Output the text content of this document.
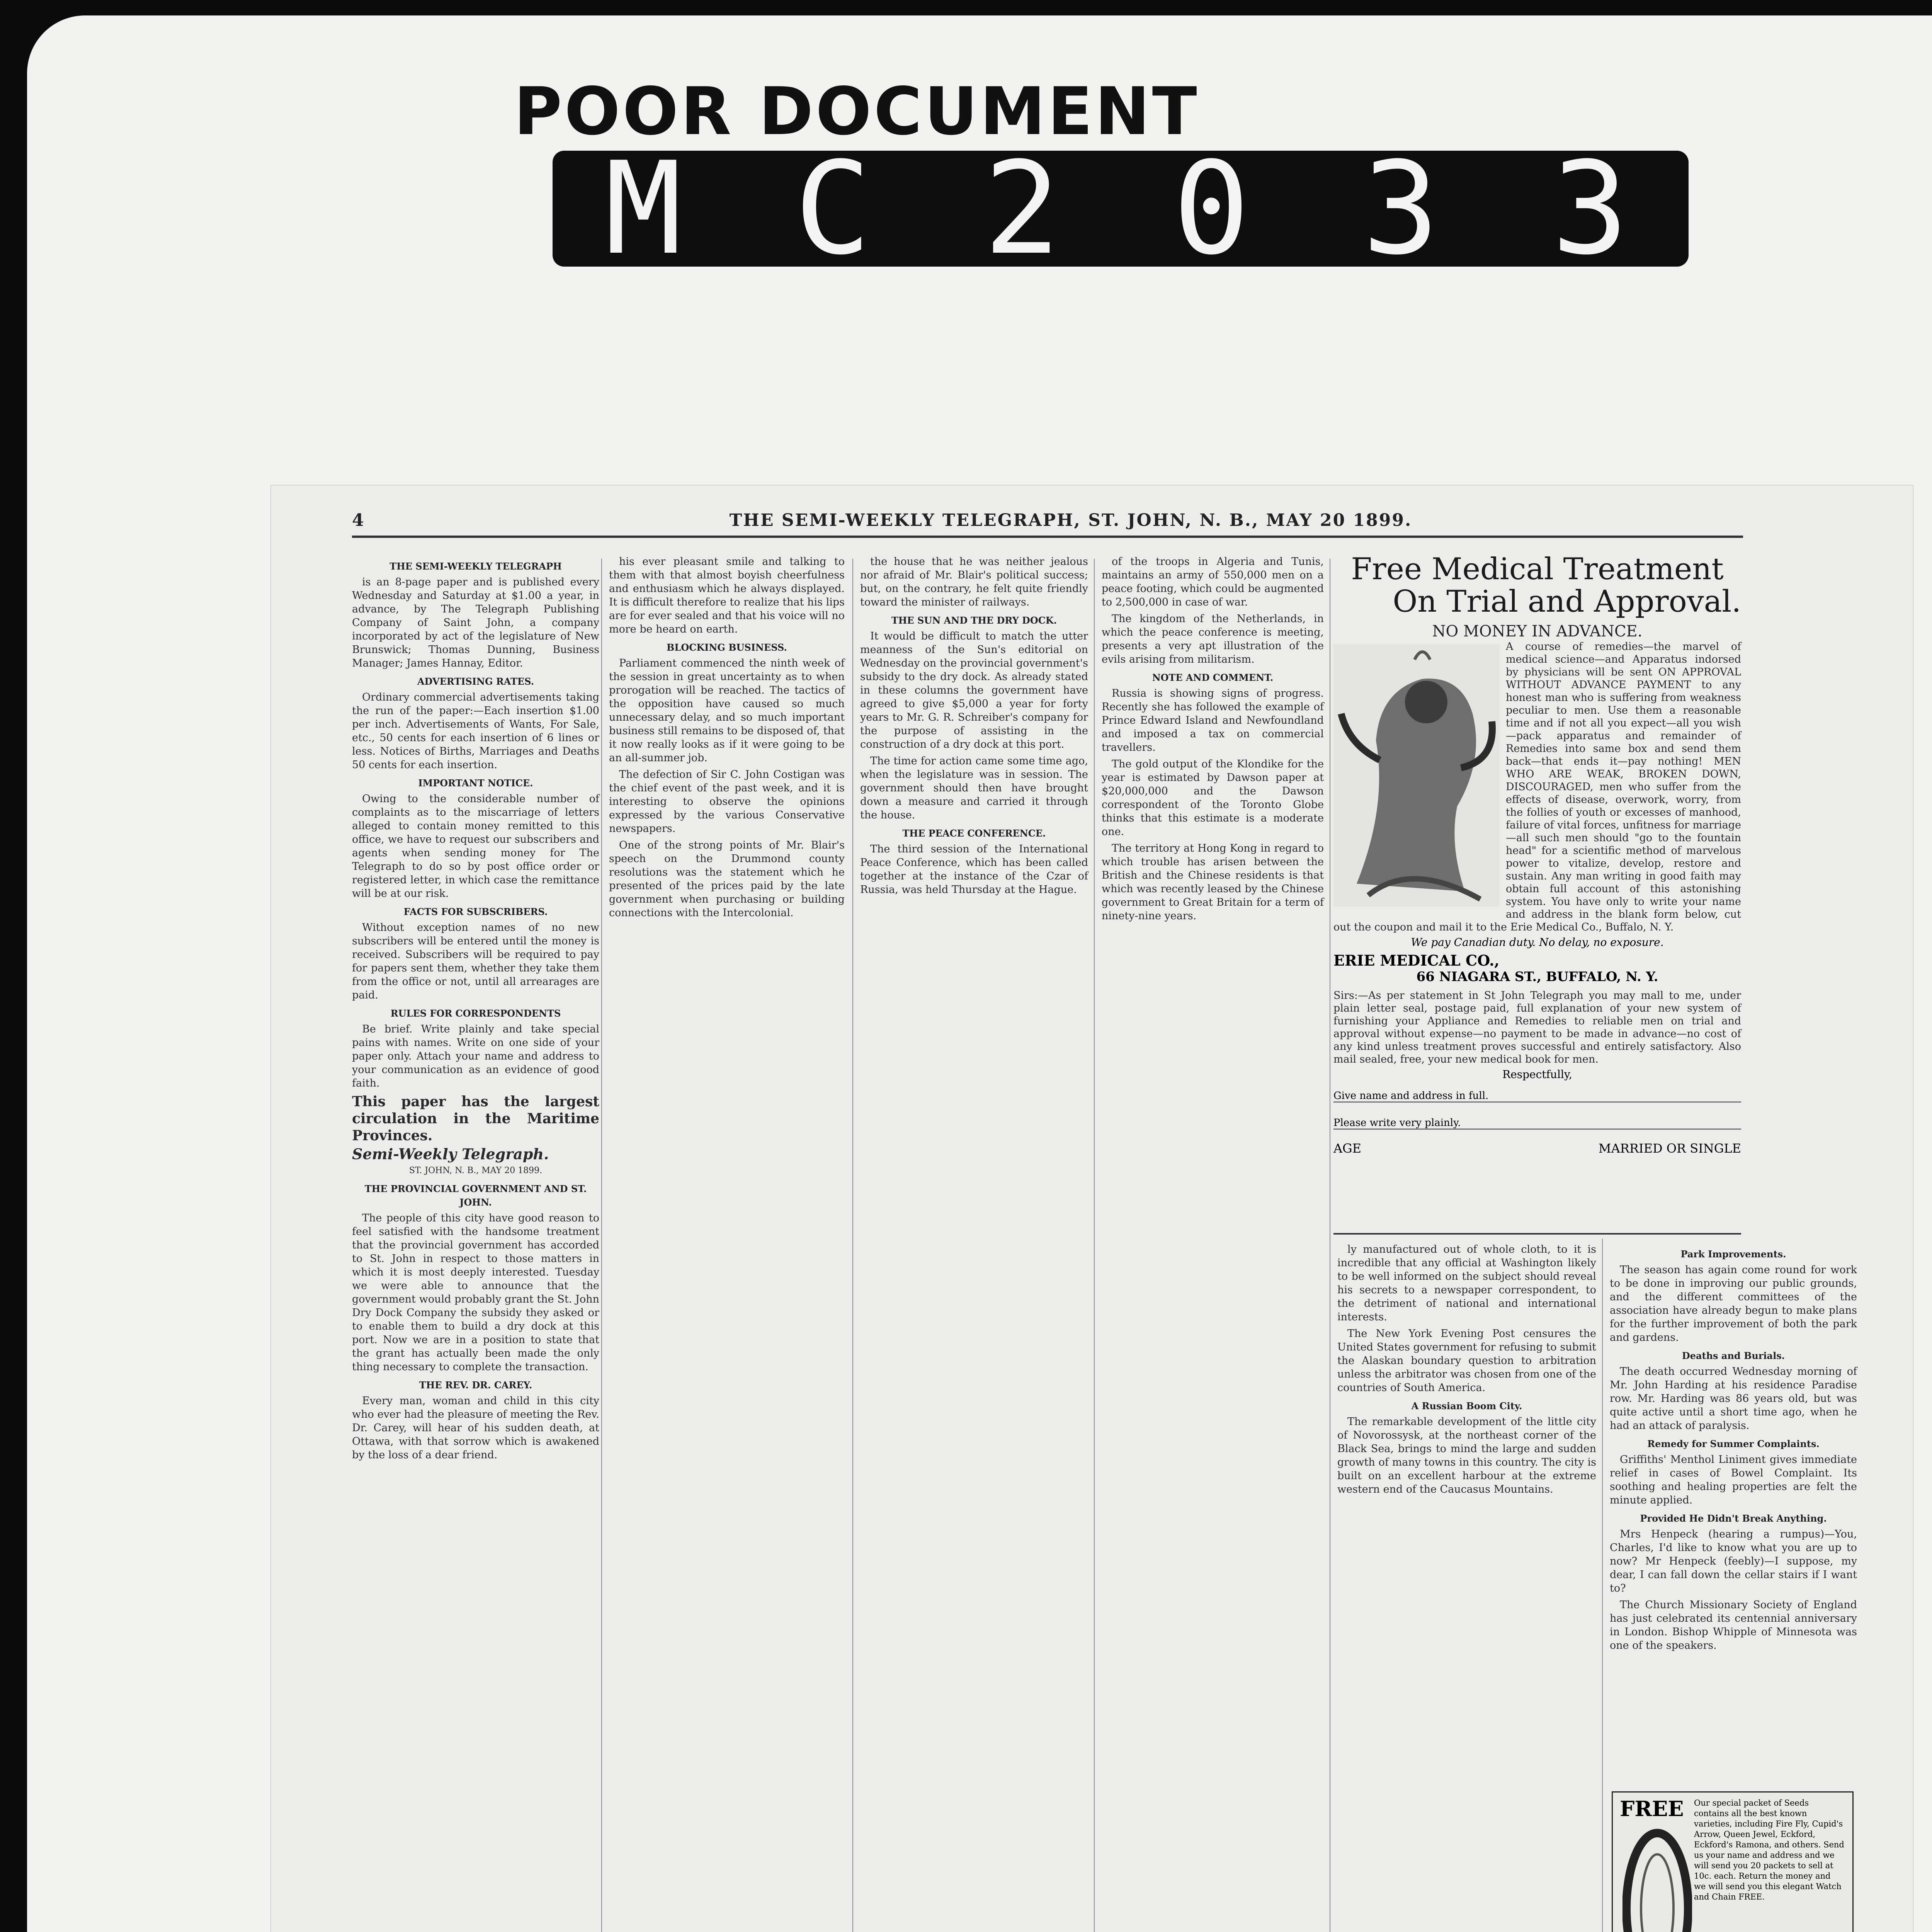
POOR DOCUMENT
M C 2 0 3 3
4	THE SEMI-WEEKLY TELEGRAPH, ST. JOHN, N. B., MAY 20 1899.
THE SEMI-WEEKLY TELEGRAPH

is an 8-page paper and is published every Wednesday and Saturday at $1.00 a year, in advance, by The Telegraph Publishing Company of Saint John, a company incorporated by act of the legislature of New Brunswick; Thomas Dunning, Business Manager; James Hannay, Editor.

ADVERTISING RATES.

Ordinary commercial advertisements taking the run of the paper:—Each insertion $1.00 per inch. Advertisements of Wants, For Sale, etc., 50 cents for each insertion of 6 lines or less. Notices of Births, Marriages and Deaths 50 cents for each insertion.

IMPORTANT NOTICE.

Owing to the considerable number of complaints as to the miscarriage of letters alleged to contain money remitted to this office, we have to request our subscribers and agents when sending money for The Telegraph to do so by post office order or registered letter, in which case the remittance will be at our risk.

FACTS FOR SUBSCRIBERS.

Without exception names of no new subscribers will be entered until the money is received. Subscribers will be required to pay for papers sent them, whether they take them from the office or not, until all arrearages are paid.

RULES FOR CORRESPONDENTS

Be brief. Write plainly and take special pains with names. Write on one side of your paper only. Attach your name and address to your communication as an evidence of good faith.

This paper has the largest circulation in the Maritime Provinces.

Semi-Weekly Telegraph.

ST. JOHN, N. B., MAY 20 1899.

THE PROVINCIAL GOVERNMENT AND ST. JOHN.

The people of this city have good reason to feel satisfied with the handsome treatment that the provincial government has accorded to St. John in respect to those matters in which it is most deeply interested. Tuesday we were able to announce that the government would probably grant the St. John Dry Dock Company the subsidy they asked or to enable them to build a dry dock at this port. Now we are in a position to state that the grant has actually been made the only thing necessary to complete the transaction.

THE REV. DR. CAREY.

Every man, woman and child in this city who ever had the pleasure of meeting the Rev. Dr. Carey, will hear of his sudden death, at Ottawa, with that sorrow which is awakened by the loss of a dear friend.

his ever pleasant smile and talking to them with that almost boyish cheerfulness and enthusiasm which he always displayed. It is difficult therefore to realize that his lips are for ever sealed and that his voice will no more be heard on earth.

BLOCKING BUSINESS.

Parliament commenced the ninth week of the session in great uncertainty as to when prorogation will be reached. The tactics of the opposition have caused so much unnecessary delay, and so much important business still remains to be disposed of, that it now really looks as if it were going to be an all-summer job.

The defection of Sir C. John Costigan was the chief event of the past week, and it is interesting to observe the opinions expressed by the various Conservative newspapers.

One of the strong points of Mr. Blair's speech on the Drummond county resolutions was the statement which he presented of the prices paid by the late government when purchasing or building connections with the Intercolonial.

the house that he was neither jealous nor afraid of Mr. Blair's political success; but, on the contrary, he felt quite friendly toward the minister of railways.

THE SUN AND THE DRY DOCK.

It would be difficult to match the utter meanness of the Sun's editorial on Wednesday on the provincial government's subsidy to the dry dock. As already stated in these columns the government have agreed to give $5,000 a year for forty years to Mr. G. R. Schreiber's company for the purpose of assisting in the construction of a dry dock at this port.

The time for action came some time ago, when the legislature was in session. The government should then have brought down a measure and carried it through the house.

THE PEACE CONFERENCE.

The third session of the International Peace Conference, which has been called together at the instance of the Czar of Russia, was held Thursday at the Hague.

of the troops in Algeria and Tunis, maintains an army of 550,000 men on a peace footing, which could be augmented to 2,500,000 in case of war.

The kingdom of the Netherlands, in which the peace conference is meeting, presents a very apt illustration of the evils arising from militarism.

NOTE AND COMMENT.

Russia is showing signs of progress. Recently she has followed the example of Prince Edward Island and Newfoundland and imposed a tax on commercial travellers.

The gold output of the Klondike for the year is estimated by Dawson paper at $20,000,000 and the Dawson correspondent of the Toronto Globe thinks that this estimate is a moderate one.

The territory at Hong Kong in regard to which trouble has arisen between the British and the Chinese residents is that which was recently leased by the Chinese government to Great Britain for a term of ninety-nine years.

Free Medical Treatment
On Trial and Approval.
NO MONEY IN ADVANCE.
A course of remedies—the marvel of medical science—and Apparatus indorsed by physicians will be sent ON APPROVAL WITHOUT ADVANCE PAYMENT to any honest man who is suffering from weakness peculiar to men. Use them a reasonable time and if not all you expect—all you wish—pack apparatus and remainder of Remedies into same box and send them back—that ends it—pay nothing! MEN WHO ARE WEAK, BROKEN DOWN, DISCOURAGED, men who suffer from the effects of disease, overwork, worry, from the follies of youth or excesses of manhood, failure of vital forces, unfitness for marriage—all such men should "go to the fountain head" for a scientific method of marvelous power to vitalize, develop, restore and sustain. Any man writing in good faith may obtain full account of this astonishing system. You have only to write your name and address in the blank form below, cut out the coupon and mail it to the Erie Medical Co., Buffalo, N. Y.
We pay Canadian duty. No delay, no exposure.
ERIE MEDICAL CO.,
66 NIAGARA ST., BUFFALO, N. Y.
Sirs:—As per statement in St John Telegraph you may mall to me, under plain letter seal, postage paid, full explanation of your new system of furnishing your Appliance and Remedies to reliable men on trial and approval without expense—no payment to be made in advance—no cost of any kind unless treatment proves successful and entirely satisfactory. Also mail sealed, free, your new medical book for men.
Respectfully,
Give name and address in full.
Please write very plainly.
AGE	MARRIED OR SINGLE

ly manufactured out of whole cloth, to it is incredible that any official at Washington likely to be well informed on the subject should reveal his secrets to a newspaper correspondent, to the detriment of national and international interests.

The New York Evening Post censures the United States government for refusing to submit the Alaskan boundary question to arbitration unless the arbitrator was chosen from one of the countries of South America.

A Russian Boom City.

The remarkable development of the little city of Novorossysk, at the northeast corner of the Black Sea, brings to mind the large and sudden growth of many towns in this country. The city is built on an excellent harbour at the extreme western end of the Caucasus Mountains.

Park Improvements.

The season has again come round for work to be done in improving our public grounds, and the different committees of the association have already begun to make plans for the further improvement of both the park and gardens.

Deaths and Burials.

The death occurred Wednesday morning of Mr. John Harding at his residence Paradise row. Mr. Harding was 86 years old, but was quite active until a short time ago, when he had an attack of paralysis.

Remedy for Summer Complaints.

Griffiths' Menthol Liniment gives immediate relief in cases of Bowel Complaint. Its soothing and healing properties are felt the minute applied.

Provided He Didn't Break Anything.

Mrs Henpeck (hearing a rumpus)—You, Charles, I'd like to know what you are up to now? Mr Henpeck (feebly)—I suppose, my dear, I can fall down the cellar stairs if I want to?

The Church Missionary Society of England has just celebrated its centennial anniversary in London. Bishop Whipple of Minnesota was one of the speakers.

FREE Our special packet of Seeds contains all the best known varieties, including Fire Fly, Cupid's Arrow, Queen Jewel, Eckford, Eckford's Ramona, and others. Send us your name and address and we will send you 20 packets to sell at 10c. each. Return the money and we will send you this elegant Watch and Chain FREE.
